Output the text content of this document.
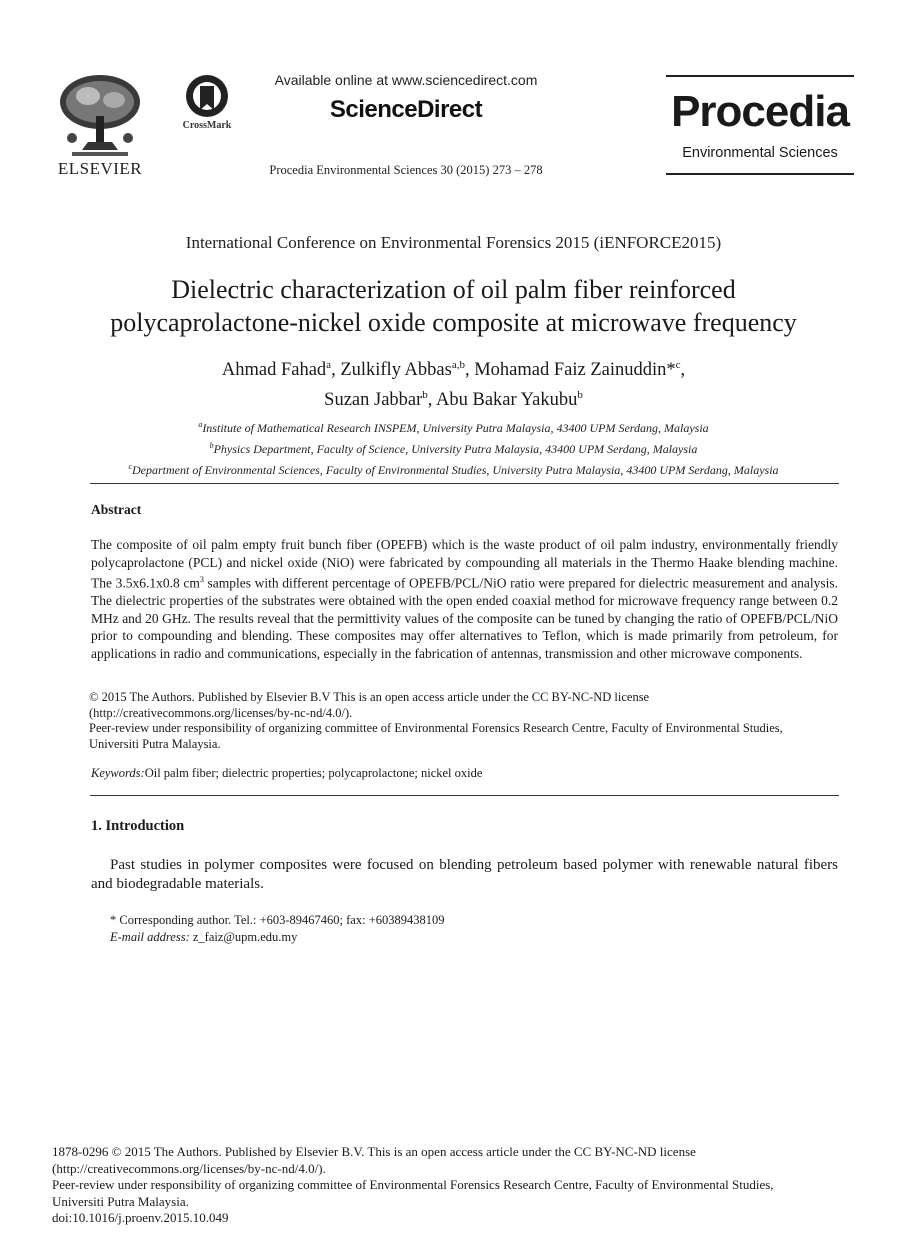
ELSEVIER
CrossMark
Available online at www.sciencedirect.com
ScienceDirect
Procedia Environmental Sciences 30 (2015) 273 – 278
Procedia
Environmental Sciences
International Conference on Environmental Forensics 2015 (iENFORCE2015)
Dielectric characterization of oil palm fiber reinforced
polycaprolactone-nickel oxide composite at microwave frequency
Ahmad Fahad$^a$, Zulkifly Abbas$^{a,b}$, Mohamad Faiz Zainuddin*$^c$,
Suzan Jabbar$^b$, Abu Bakar Yakubu$^b$
$^a$Institute of Mathematical Research INSPEM, University Putra Malaysia, 43400 UPM Serdang, Malaysia
$^b$Physics Department, Faculty of Science, University Putra Malaysia, 43400 UPM Serdang, Malaysia
$^c$Department of Environmental Sciences, Faculty of Environmental Studies, University Putra Malaysia, 43400 UPM Serdang, Malaysia
Abstract
The composite of oil palm empty fruit bunch fiber (OPEFB) which is the waste product of oil palm industry, environmentally friendly polycaprolactone (PCL) and nickel oxide (NiO) were fabricated by compounding all materials in the Thermo Haake blending machine. The 3.5x6.1x0.8 $cm^3$ samples with different percentage of OPEFB/PCL/NiO ratio were prepared for dielectric measurement and analysis. The dielectric properties of the substrates were obtained with the open ended coaxial method for microwave frequency range between 0.2 MHz and 20 GHz. The results reveal that the permittivity values of the composite can be tuned by changing the ratio of OPEFB/PCL/NiO prior to compounding and blending. These composites may offer alternatives to Teflon, which is made primarily from petroleum, for applications in radio and communications, especially in the fabrication of antennas, transmission and other microwave components.
© 2015 The Authors. Published by Elsevier B.V This is an open access article under the CC BY-NC-ND license
(http://creativecommons.org/licenses/by-nc-nd/4.0/).
Peer-review under responsibility of organizing committee of Environmental Forensics Research Centre, Faculty of Environmental Studies,
Universiti Putra Malaysia.
Keywords:Oil palm fiber; dielectric properties; polycaprolactone; nickel oxide
1. Introduction
Past studies in polymer composites were focused on blending petroleum based polymer with renewable natural fibers and biodegradable materials.
* Corresponding author. Tel.: +603-89467460; fax: +60389438109
E-mail address: z_faiz@upm.edu.my
1878-0296 © 2015 The Authors. Published by Elsevier B.V. This is an open access article under the CC BY-NC-ND license
(http://creativecommons.org/licenses/by-nc-nd/4.0/).
Peer-review under responsibility of organizing committee of Environmental Forensics Research Centre, Faculty of Environmental Studies,
Universiti Putra Malaysia.
doi:10.1016/j.proenv.2015.10.049
